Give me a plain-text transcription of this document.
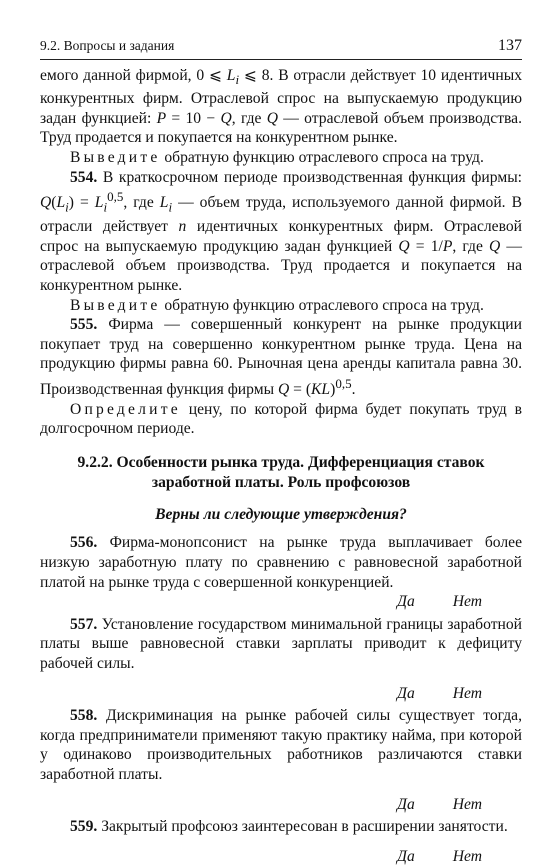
9.2. Вопросы и задания	137

емого данной фирмой, 0 ⩽ $L_i$ ⩽ 8. В отрасли действует 10 идентичных конкурентных фирм. Отраслевой спрос на выпускаемую продукцию задан функцией: P = 10 − Q, где Q — отраслевой объем производства. Труд продается и покупается на конкурентном рынке.

Выведите обратную функцию отраслевого спроса на труд.

554. В краткосрочном периоде производственная функция фирмы: $Q(L_i) = L_i^{0,5}$, где $L_i$ — объем труда, используемого данной фирмой. В отрасли действует n идентичных конкурентных фирм. Отраслевой спрос на выпускаемую продукцию задан функцией Q = 1/P, где Q — отраслевой объем производства. Труд продается и покупается на конкурентном рынке.

Выведите обратную функцию отраслевого спроса на труд.

555. Фирма — совершенный конкурент на рынке продукции покупает труд на совершенно конкурентном рынке труда. Цена на продукцию фирмы равна 60. Рыночная цена аренды капитала равна 30. Производственная функция фирмы Q = (KL)$^{0,5}$.

Определите цену, по которой фирма будет покупать труд в долгосрочном периоде.

9.2.2. Особенности рынка труда. Дифференциация ставок заработной платы. Роль профсоюзов
Верны ли следующие утверждения?

556. Фирма-монопсонист на рынке труда выплачивает более низкую заработную плату по сравнению с равновесной заработной платой на рынке труда с совершенной конкуренцией.

Да Нет

557. Установление государством минимальной границы заработной платы выше равновесной ставки зарплаты приводит к дефициту рабочей силы.

Да Нет

558. Дискриминация на рынке рабочей силы существует тогда, когда предприниматели применяют такую практику найма, при которой у одинаково производительных работников различаются ставки заработной платы.

Да Нет

559. Закрытый профсоюз заинтересован в расширении занятости.

Да Нет
